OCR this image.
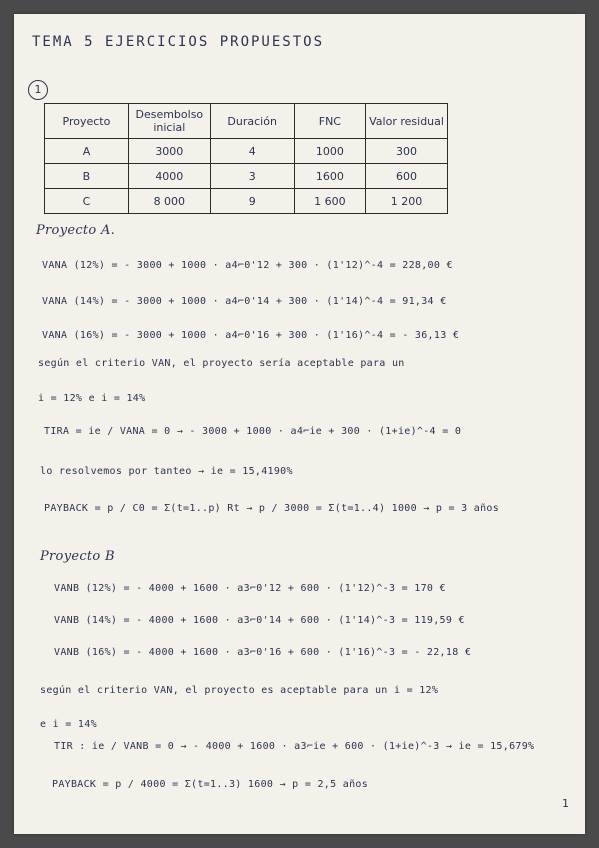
TEMA 5 EJERCICIOS PROPUESTOS
1
Proyecto	Desembolso inicial	Duración	FNC	Valor residual
A	3000	4	1000	300
B	4000	3	1600	600
C	8 000	9	1 600	1 200
Proyecto A.
VANA (12%) = - 3000 + 1000 · a4⌐0'12 + 300 · (1'12)^-4 = 228,00 €
VANA (14%) = - 3000 + 1000 · a4⌐0'14 + 300 · (1'14)^-4 = 91,34 €
VANA (16%) = - 3000 + 1000 · a4⌐0'16 + 300 · (1'16)^-4 = - 36,13 €
según el criterio VAN, el proyecto sería aceptable para un
i = 12% e i = 14%
TIRA = ie / VANA = 0 → - 3000 + 1000 · a4⌐ie + 300 · (1+ie)^-4 = 0
lo resolvemos por tanteo → ie = 15,4190%
PAYBACK = p / C0 = Σ(t=1..p) Rt → p / 3000 = Σ(t=1..4) 1000 → p = 3 años
Proyecto B
VANB (12%) = - 4000 + 1600 · a3⌐0'12 + 600 · (1'12)^-3 = 170 €
VANB (14%) = - 4000 + 1600 · a3⌐0'14 + 600 · (1'14)^-3 = 119,59 €
VANB (16%) = - 4000 + 1600 · a3⌐0'16 + 600 · (1'16)^-3 = - 22,18 €
según el criterio VAN, el proyecto es aceptable para un i = 12%
e i = 14%
TIR : ie / VANB = 0 → - 4000 + 1600 · a3⌐ie + 600 · (1+ie)^-3 → ie = 15,679%
PAYBACK = p / 4000 = Σ(t=1..3) 1600 → p = 2,5 años
1
